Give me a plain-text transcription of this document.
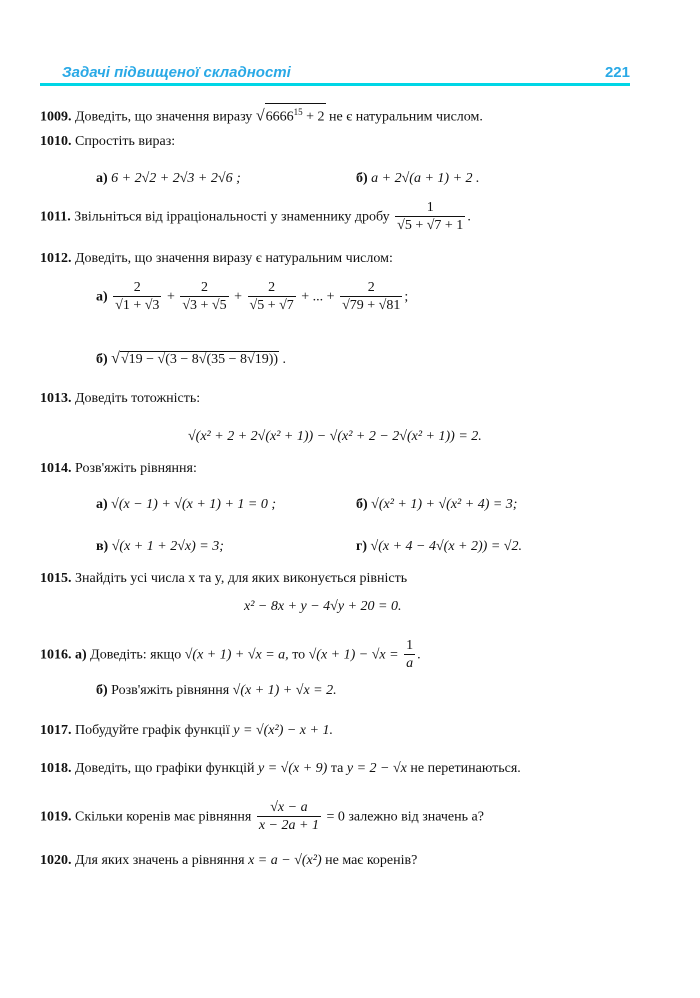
Задачі підвищеної складності	221
1009. Доведіть, що значення виразу $√6666^{15} + 2$ не є натуральним числом.
1010. Спростіть вираз:
а) 6 + 2√2 + 2√3 + 2√6 ;	б) a + 2√(a + 1) + 2 .
1011. Звільніться від ірраціональності у знаменнику дробу $\frac{1}{√5 + √7 + 1}$ .
1012. Доведіть, що значення виразу є натуральним числом:
$а) \frac{2}{√1 + √3} + \frac{2}{√3 + √5} + \frac{2}{√5 + √7}$ + ... + $\frac{2}{√79 + √81}$ ;
б) √√19 − √(3 − 8√(35 − 8√19)) .
1013. Доведіть тотожність:
√(x² + 2 + 2√(x² + 1)) − √(x² + 2 − 2√(x² + 1)) = 2.
1014. Розв'яжіть рівняння:
а) √(x − 1) + √(x + 1) + 1 = 0 ;	б) √(x² + 1) + √(x² + 4) = 3;
в) √(x + 1 + 2√x) = 3;	г) √(x + 4 − 4√(x + 2)) = √2.
1015. Знайдіть усі числа x та y, для яких виконується рівність
x² − 8x + y − 4√y + 20 = 0.
1016. а) Доведіть: якщо √(x + 1) + √x = a, то $√(x + 1) - √x = \frac{1}{a}$ .
б) Розв'яжіть рівняння √(x + 1) + √x = 2.
1017. Побудуйте графік функції y = √(x²) − x + 1.
1018. Доведіть, що графіки функцій y = √(x + 9) та y = 2 − √x не перетинаються.
1019. Скільки коренів має рівняння $\frac{√x - a}{x - 2a + 1} = 0$ залежно від значень a?
1020. Для яких значень a рівняння x = a − √(x²) не має коренів?
